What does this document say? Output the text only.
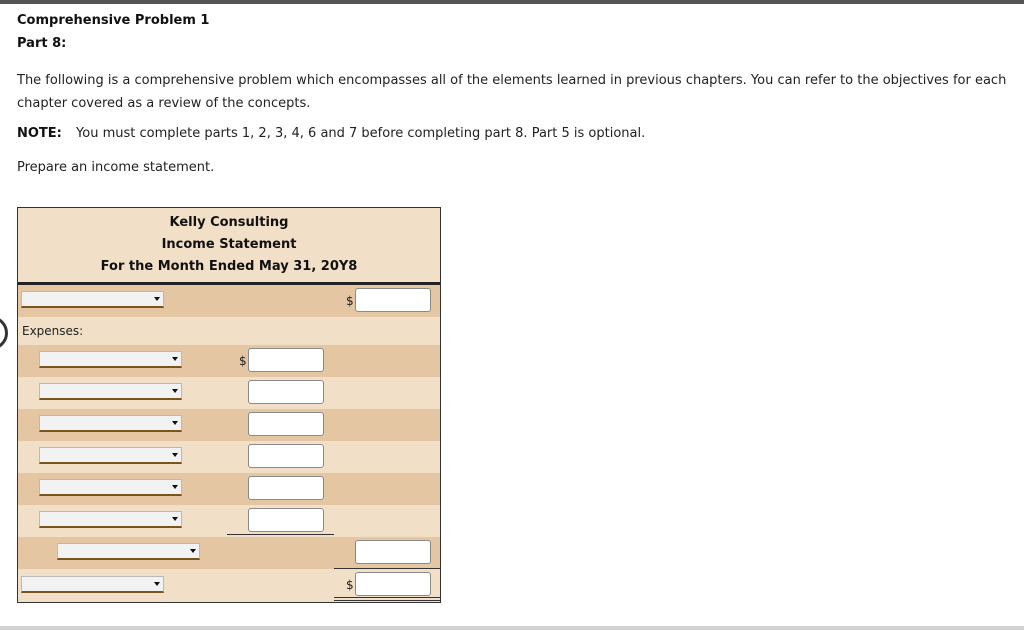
Comprehensive Problem 1
Part 8:
The following is a comprehensive problem which encompasses all of the elements learned in previous chapters. You can refer to the objectives for each chapter covered as a review of the concepts.
NOTE: You must complete parts 1, 2, 3, 4, 6 and 7 before completing part 8. Part 5 is optional.
Prepare an income statement.
Kelly Consulting
Income Statement
For the Month Ended May 31, 20Y8
$
Expenses:
$
$
